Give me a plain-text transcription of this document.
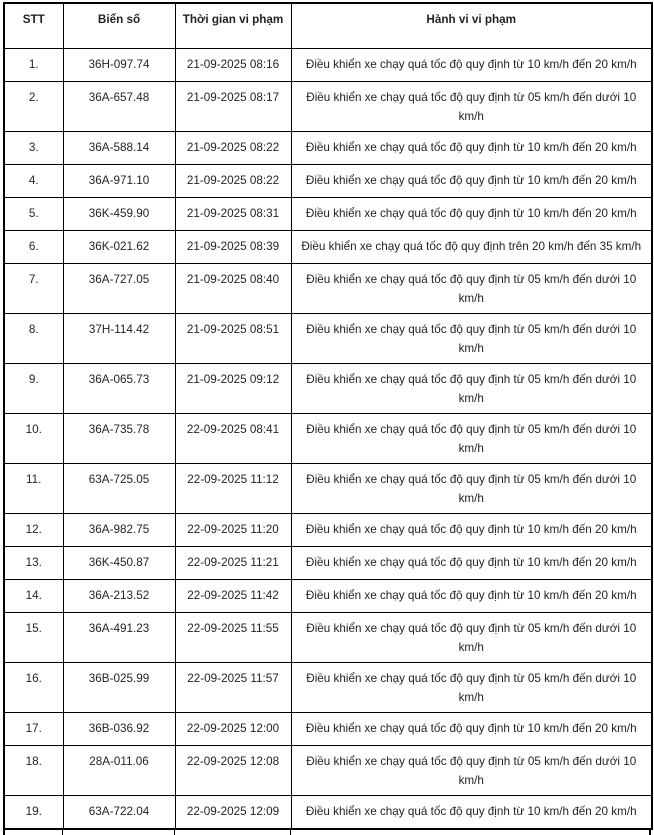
STT	Biển số	Thời gian vi phạm	Hành vi vi phạm
1.	36H-097.74	21-09-2025 08:16	Điều khiển xe chạy quá tốc độ quy định từ 10 km/h đến 20 km/h
2.	36A-657.48	21-09-2025 08:17	Điều khiển xe chạy quá tốc độ quy định từ 05 km/h đến dưới 10 km/h
3.	36A-588.14	21-09-2025 08:22	Điều khiển xe chạy quá tốc độ quy định từ 10 km/h đến 20 km/h
4.	36A-971.10	21-09-2025 08:22	Điều khiển xe chạy quá tốc độ quy định từ 10 km/h đến 20 km/h
5.	36K-459.90	21-09-2025 08:31	Điều khiển xe chạy quá tốc độ quy định từ 10 km/h đến 20 km/h
6.	36K-021.62	21-09-2025 08:39	Điều khiển xe chạy quá tốc độ quy định trên 20 km/h đến 35 km/h
7.	36A-727.05	21-09-2025 08:40	Điều khiển xe chạy quá tốc độ quy định từ 05 km/h đến dưới 10 km/h
8.	37H-114.42	21-09-2025 08:51	Điều khiển xe chạy quá tốc độ quy định từ 05 km/h đến dưới 10 km/h
9.	36A-065.73	21-09-2025 09:12	Điều khiển xe chạy quá tốc độ quy định từ 05 km/h đến dưới 10 km/h
10.	36A-735.78	22-09-2025 08:41	Điều khiển xe chạy quá tốc độ quy định từ 05 km/h đến dưới 10 km/h
11.	63A-725.05	22-09-2025 11:12	Điều khiển xe chạy quá tốc độ quy định từ 05 km/h đến dưới 10 km/h
12.	36A-982.75	22-09-2025 11:20	Điều khiển xe chạy quá tốc độ quy định từ 10 km/h đến 20 km/h
13.	36K-450.87	22-09-2025 11:21	Điều khiển xe chạy quá tốc độ quy định từ 10 km/h đến 20 km/h
14.	36A-213.52	22-09-2025 11:42	Điều khiển xe chạy quá tốc độ quy định từ 10 km/h đến 20 km/h
15.	36A-491.23	22-09-2025 11:55	Điều khiển xe chạy quá tốc độ quy định từ 05 km/h đến dưới 10 km/h
16.	36B-025.99	22-09-2025 11:57	Điều khiển xe chạy quá tốc độ quy định từ 05 km/h đến dưới 10 km/h
17.	36B-036.92	22-09-2025 12:00	Điều khiển xe chạy quá tốc độ quy định từ 10 km/h đến 20 km/h
18.	28A-011.06	22-09-2025 12:08	Điều khiển xe chạy quá tốc độ quy định từ 05 km/h đến dưới 10 km/h
19.	63A-722.04	22-09-2025 12:09	Điều khiển xe chạy quá tốc độ quy định từ 10 km/h đến 20 km/h
